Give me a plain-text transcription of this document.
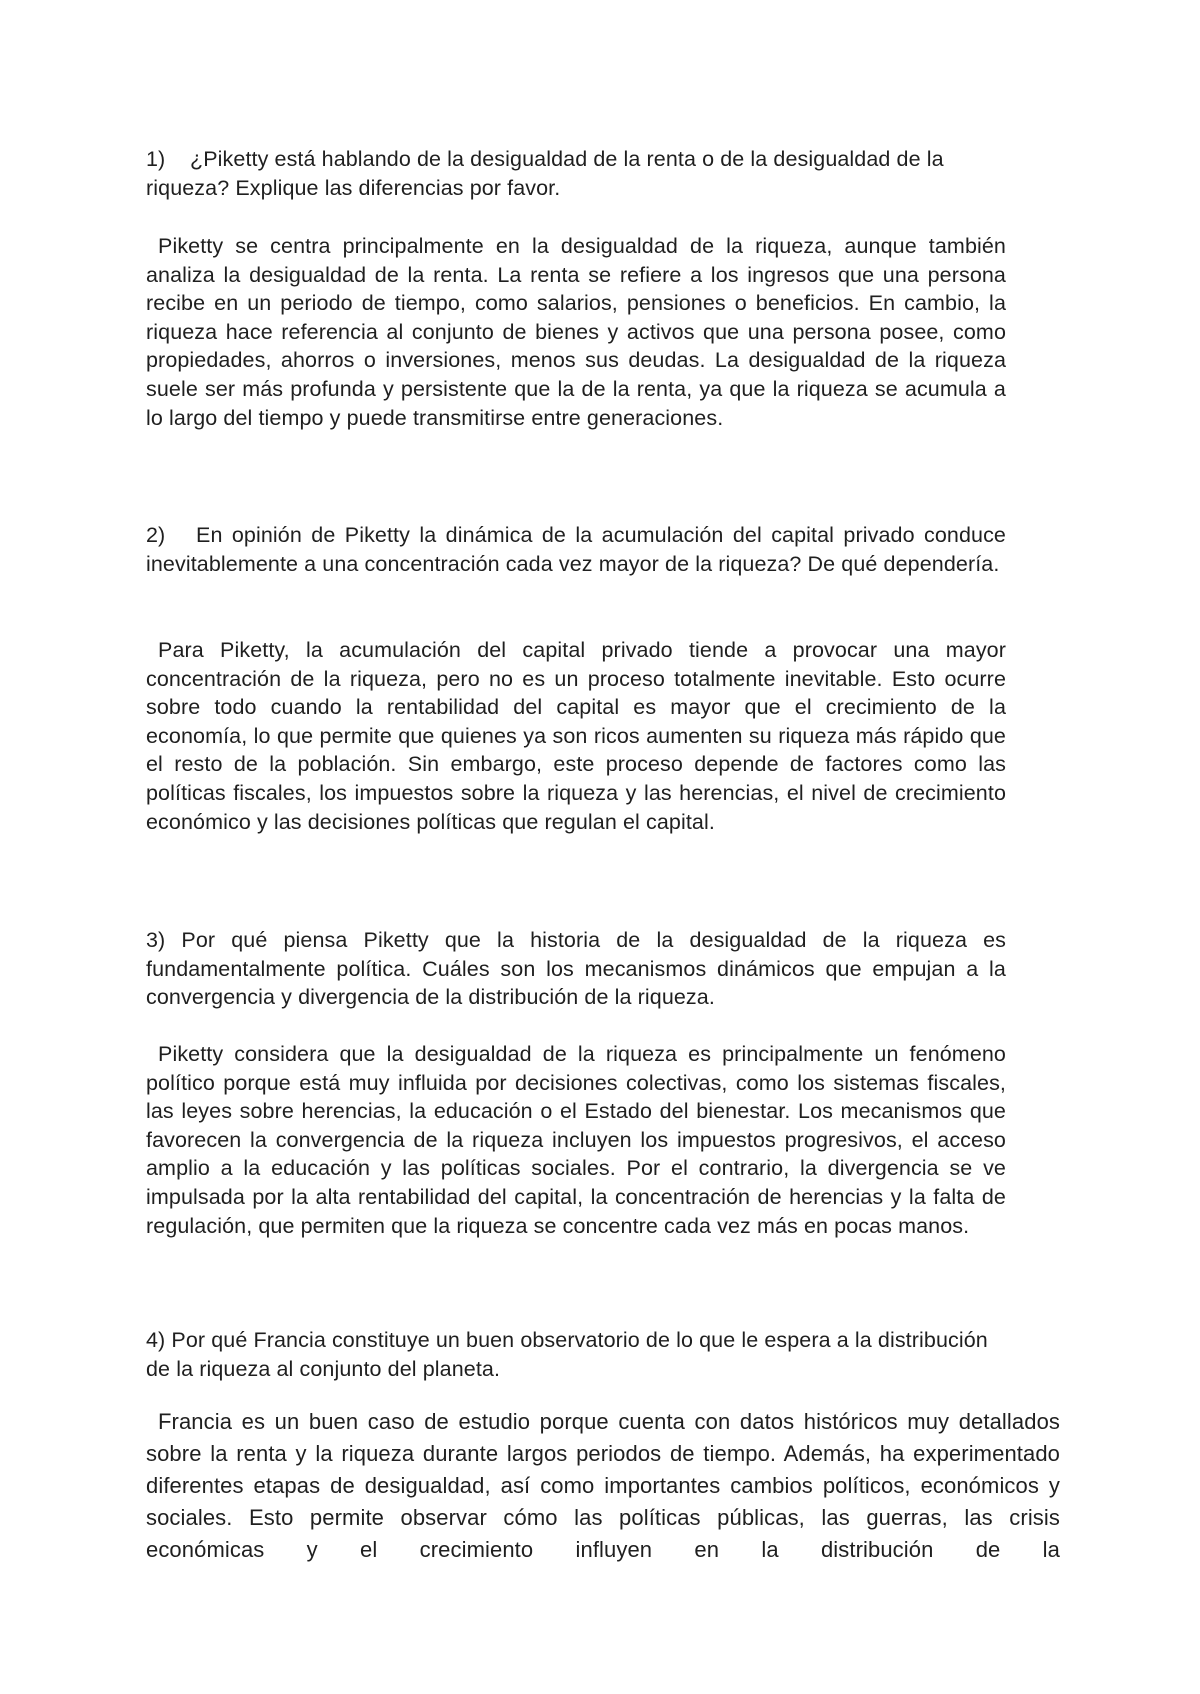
1) ¿Piketty está hablando de la desigualdad de la renta o de la desigualdad de la riqueza? Explique las diferencias por favor.
Piketty se centra principalmente en la desigualdad de la riqueza, aunque también analiza la desigualdad de la renta. La renta se refiere a los ingresos que una persona recibe en un periodo de tiempo, como salarios, pensiones o beneficios. En cambio, la riqueza hace referencia al conjunto de bienes y activos que una persona posee, como propiedades, ahorros o inversiones, menos sus deudas. La desigualdad de la riqueza suele ser más profunda y persistente que la de la renta, ya que la riqueza se acumula a lo largo del tiempo y puede transmitirse entre generaciones.
2) En opinión de Piketty la dinámica de la acumulación del capital privado conduce inevitablemente a una concentración cada vez mayor de la riqueza? De qué dependería.
Para Piketty, la acumulación del capital privado tiende a provocar una mayor concentración de la riqueza, pero no es un proceso totalmente inevitable. Esto ocurre sobre todo cuando la rentabilidad del capital es mayor que el crecimiento de la economía, lo que permite que quienes ya son ricos aumenten su riqueza más rápido que el resto de la población. Sin embargo, este proceso depende de factores como las políticas fiscales, los impuestos sobre la riqueza y las herencias, el nivel de crecimiento económico y las decisiones políticas que regulan el capital.
3) Por qué piensa Piketty que la historia de la desigualdad de la riqueza es fundamentalmente política. Cuáles son los mecanismos dinámicos que empujan a la convergencia y divergencia de la distribución de la riqueza.
Piketty considera que la desigualdad de la riqueza es principalmente un fenómeno político porque está muy influida por decisiones colectivas, como los sistemas fiscales, las leyes sobre herencias, la educación o el Estado del bienestar. Los mecanismos que favorecen la convergencia de la riqueza incluyen los impuestos progresivos, el acceso amplio a la educación y las políticas sociales. Por el contrario, la divergencia se ve impulsada por la alta rentabilidad del capital, la concentración de herencias y la falta de regulación, que permiten que la riqueza se concentre cada vez más en pocas manos.
4) Por qué Francia constituye un buen observatorio de lo que le espera a la distribución de la riqueza al conjunto del planeta.
Francia es un buen caso de estudio porque cuenta con datos históricos muy detallados sobre la renta y la riqueza durante largos periodos de tiempo. Además, ha experimentado diferentes etapas de desigualdad, así como importantes cambios políticos, económicos y sociales. Esto permite observar cómo las políticas públicas, las guerras, las crisis económicas y el crecimiento influyen en la distribución de la
